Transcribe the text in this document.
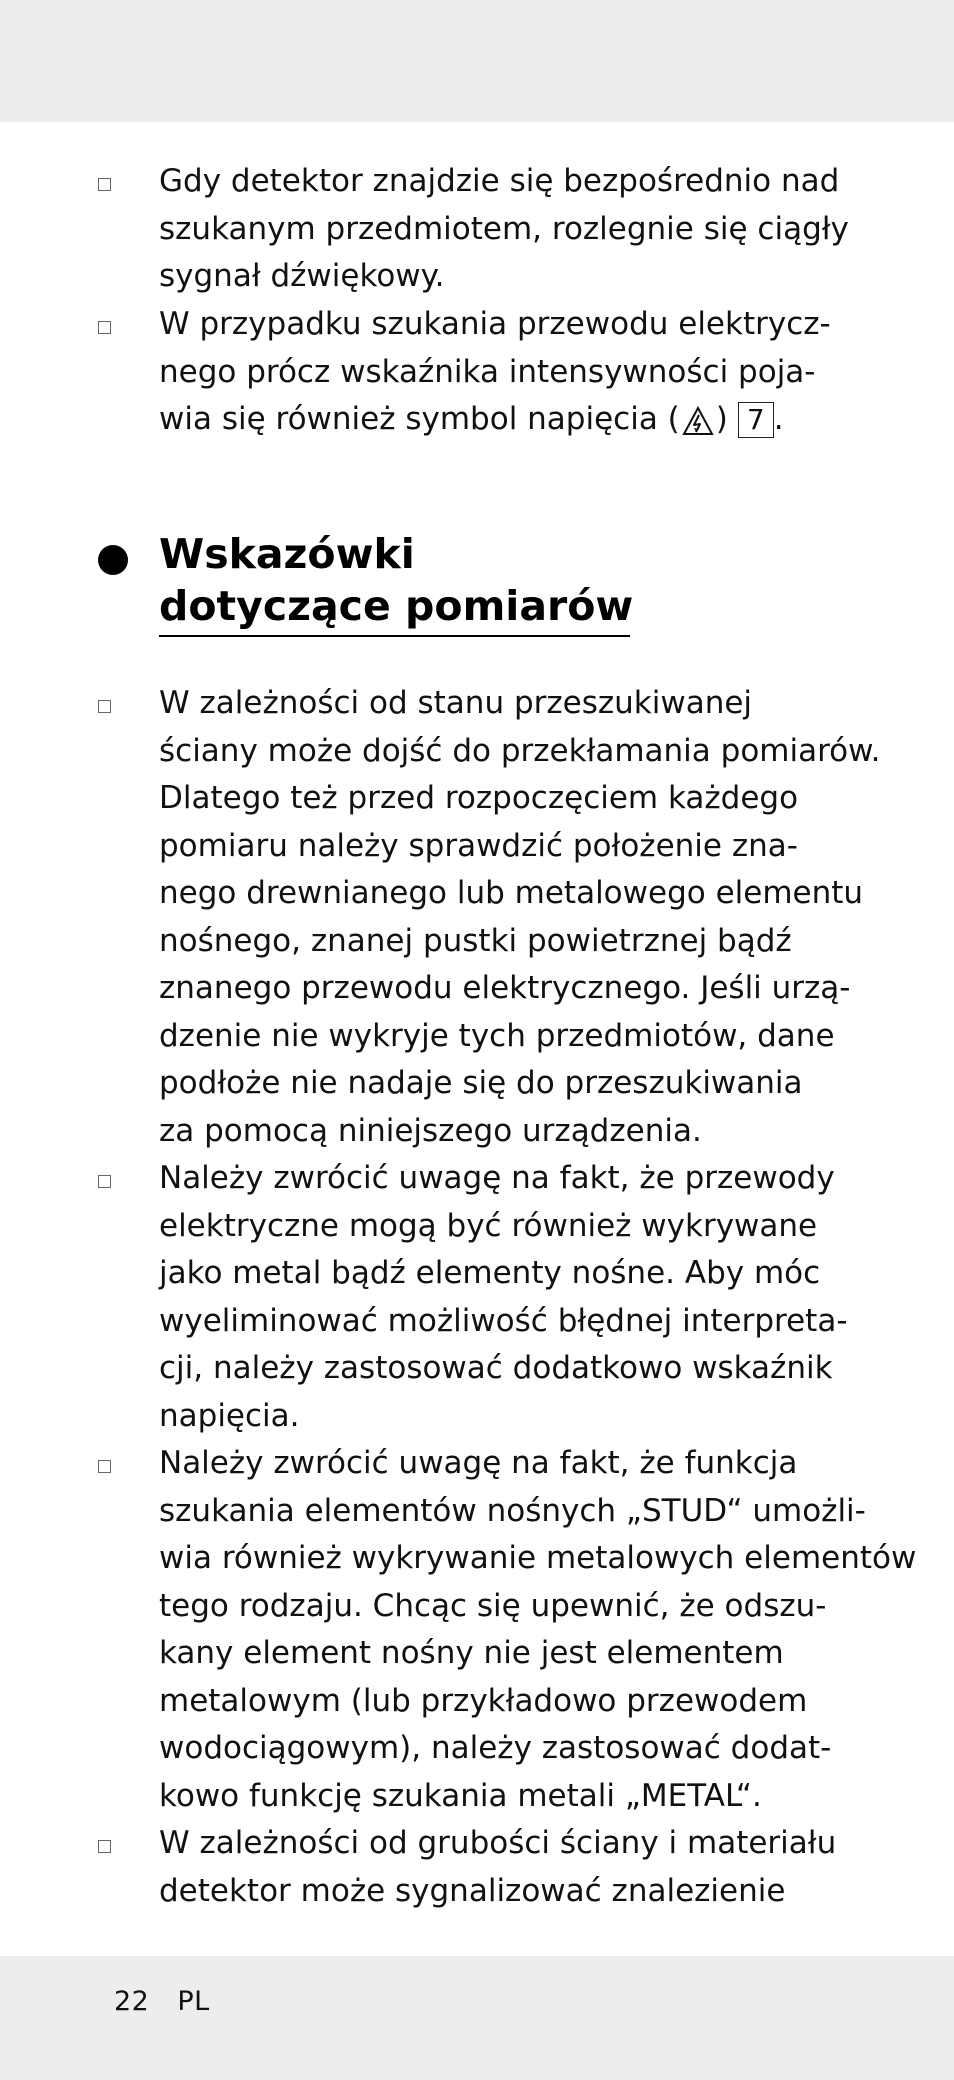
Gdy detektor znajdzie się bezpośrednio nad
szukanym przedmiotem, rozlegnie się ciągły
sygnał dźwiękowy.
W przypadku szukania przewodu elektrycz-
nego prócz wskaźnika intensywności poja-
wia się również symbol napięcia ( ) 7 .
Wskazówki
dotyczące pomiarów
W zależności od stanu przeszukiwanej
ściany może dojść do przekłamania pomiarów.
Dlatego też przed rozpoczęciem każdego
pomiaru należy sprawdzić położenie zna-
nego drewnianego lub metalowego elementu
nośnego, znanej pustki powietrznej bądź
znanego przewodu elektrycznego. Jeśli urzą-
dzenie nie wykryje tych przedmiotów, dane
podłoże nie nadaje się do przeszukiwania
za pomocą niniejszego urządzenia.
Należy zwrócić uwagę na fakt, że przewody
elektryczne mogą być również wykrywane
jako metal bądź elementy nośne. Aby móc
wyeliminować możliwość błędnej interpreta-
cji, należy zastosować dodatkowo wskaźnik
napięcia.
Należy zwrócić uwagę na fakt, że funkcja
szukania elementów nośnych „STUD“ umożli-
wia również wykrywanie metalowych elementów
tego rodzaju. Chcąc się upewnić, że odszu-
kany element nośny nie jest elementem
metalowym (lub przykładowo przewodem
wodociągowym), należy zastosować dodat-
kowo funkcję szukania metali „METAL“.
W zależności od grubości ściany i materiału
detektor może sygnalizować znalezienie
22 PL
